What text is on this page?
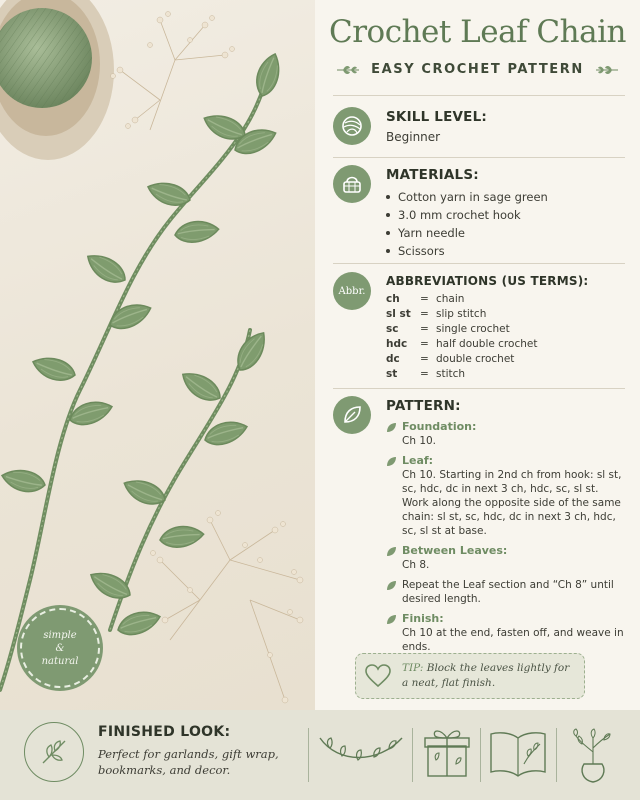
simple
&
natural
Crochet Leaf Chain
EASY CROCHET PATTERN
SKILL LEVEL:
Beginner
MATERIALS:
Cotton yarn in sage green
3.0 mm crochet hook
Yarn needle
Scissors
Abbr.
ABBREVIATIONS (US TERMS):
ch	=	chain
sl st	=	slip stitch
sc	=	single crochet
hdc	=	half double crochet
dc	=	double crochet
st	=	stitch
PATTERN:
Foundation:
Ch 10.
Leaf:
Ch 10. Starting in 2nd ch from hook: sl st, sc, hdc, dc in next 3 ch, hdc, sc, sl st.
Work along the opposite side of the same chain: sl st, sc, hdc, dc in next 3 ch, hdc, sc, sl st at base.
Between Leaves:
Ch 8.
Repeat the Leaf section and “Ch 8” until desired length.
Finish:
Ch 10 at the end, fasten off, and weave in ends.
TIP: Block the leaves lightly for a neat, flat finish.
FINISHED LOOK:
Perfect for garlands, gift wrap, bookmarks, and decor.
